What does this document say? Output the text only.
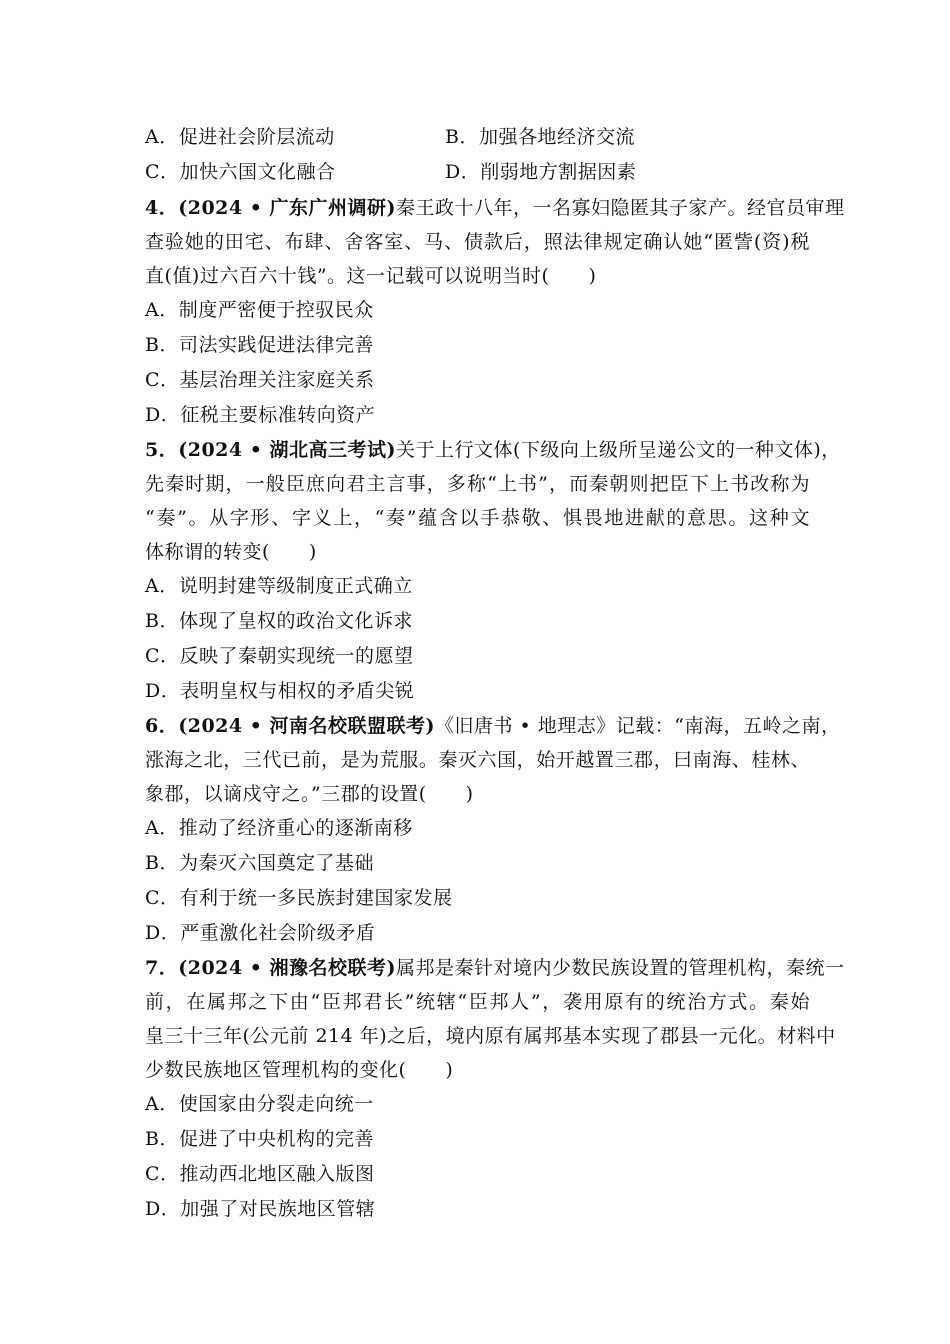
A．促进社会阶层流动	B．加强各地经济交流
C．加快六国文化融合	D．削弱地方割据因素
4．(2024 • 广东广州调研)秦王政十八年，一名寡妇隐匿其子家产。经官员审理
查验她的田宅、布肆、舍客室、马、债款后，照法律规定确认她“匿訾(资)税
直(值)过六百六十钱”。这一记载可以说明当时(　　)
A．制度严密便于控驭民众
B．司法实践促进法律完善
C．基层治理关注家庭关系
D．征税主要标准转向资产
5．(2024 • 湖北高三考试)关于上行文体(下级向上级所呈递公文的一种文体)，
先秦时期，一般臣庶向君主言事，多称“上书”，而秦朝则把臣下上书改称为
“奏”。从字形、字义上，“奏”蕴含以手恭敬、惧畏地进献的意思。这种文
体称谓的转变(　　)
A．说明封建等级制度正式确立
B．体现了皇权的政治文化诉求
C．反映了秦朝实现统一的愿望
D．表明皇权与相权的矛盾尖锐
6．(2024 • 河南名校联盟联考)《旧唐书 • 地理志》记载：“南海，五岭之南，
涨海之北，三代已前，是为荒服。秦灭六国，始开越置三郡，曰南海、桂林、
象郡，以谪戍守之。”三郡的设置(　　)
A．推动了经济重心的逐渐南移
B．为秦灭六国奠定了基础
C．有利于统一多民族封建国家发展
D．严重激化社会阶级矛盾
7．(2024 • 湘豫名校联考)属邦是秦针对境内少数民族设置的管理机构，秦统一
前，在属邦之下由“臣邦君长”统辖“臣邦人”，袭用原有的统治方式。秦始
皇三十三年(公元前 214 年)之后，境内原有属邦基本实现了郡县一元化。材料中
少数民族地区管理机构的变化(　　)
A．使国家由分裂走向统一
B．促进了中央机构的完善
C．推动西北地区融入版图
D．加强了对民族地区管辖
